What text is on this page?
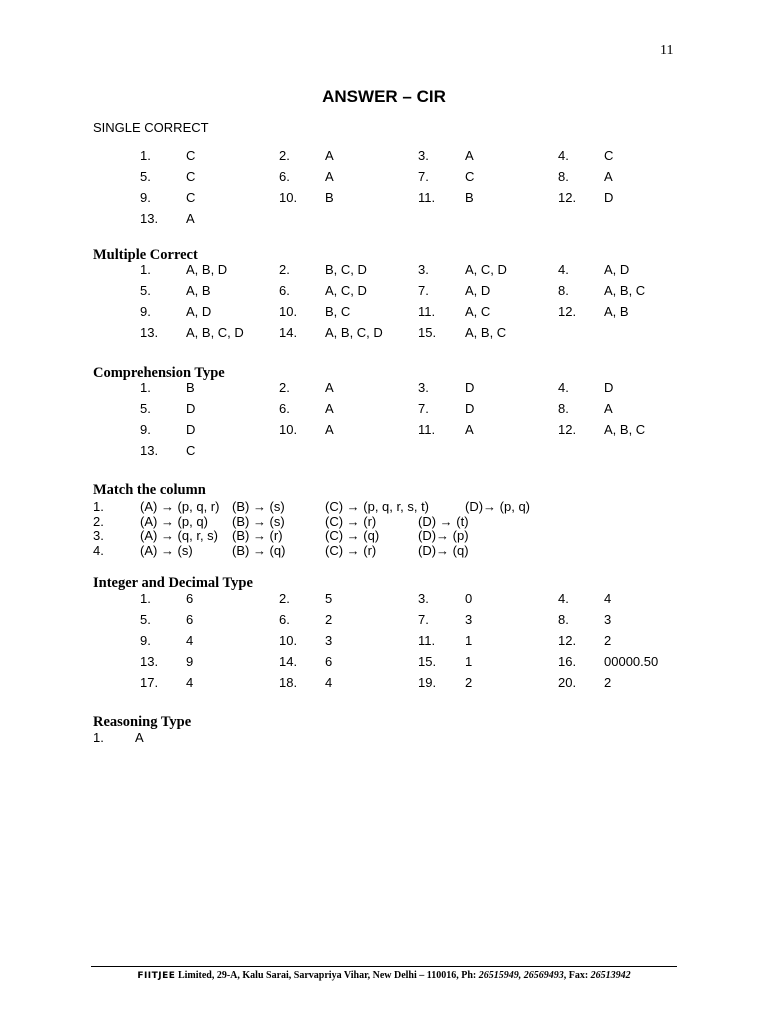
11
ANSWER – CIR
SINGLE CORRECT
1.	C	2.	A	3.	A	4.	C
5.	C	6.	A	7.	C	8.	A
9.	C	10. B	11. B	12. D
13. A
Multiple Correct
1.	A, B, D	2.	B, C, D	3.	A, C, D	4.	A, D
5.	A, B	6.	A, C, D	7.	A, D	8.	A, B, C
9.	A, D	10. B, C	11. A, C	12. A, B
13. A, B, C, D	14. A, B, C, D	15. A, B, C
Comprehension Type
1.	B	2.	A	3.	D	4.	D
5.	D	6.	A	7.	D	8.	A
9.	D	10. A	11. A	12. A, B, C
13. C
Match the column
1.	(A) → (p, q, r) (B) → (s)	(C) → (p, q, r, s, t)	(D)→ (p, q)
2.	(A) → (p, q) (B) → (s)	(C) → (r)	(D) → (t)
3.	(A) → (q, r, s) (B) → (r)	(C) → (q)	(D)→ (p)
4.	(A) → (s)	(B) → (q)	(C) → (r)	(D)→ (q)
Integer and Decimal Type
1.	6	2.	5	3.	0	4.	4
5.	6	6.	2	7.	3	8.	3
9.	4	10. 3	11. 1	12. 2
13. 9	14. 6	15. 1	16. 00000.50
17. 4	18. 4	19. 2	20. 2
Reasoning Type
1. A
FIITJEE Limited, 29-A, Kalu Sarai, Sarvapriya Vihar, New Delhi – 110016, Ph: 26515949, 26569493, Fax: 26513942
